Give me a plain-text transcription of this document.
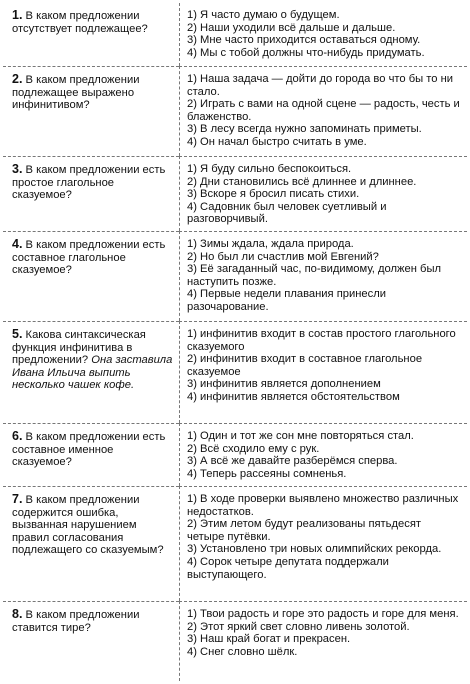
1. В каком предложении отсутствует подлежащее?
1) Я часто думаю о будущем.
2) Наши уходили всё дальше и дальше.
3) Мне часто приходится оставаться одному.
4) Мы с тобой должны что-нибудь придумать.
2. В каком предложении подлежащее выражено инфинитивом?
1) Наша задача — дойти до города во что бы то ни стало.
2) Играть с вами на одной сцене — радость, честь и блаженство.
3) В лесу всегда нужно запоминать приметы.
4) Он начал быстро считать в уме.
3. В каком предложении есть простое глагольное сказуемое?
1) Я буду сильно беспокоиться.
2) Дни становились всё длиннее и длиннее.
3) Вскоре я бросил писать стихи.
4) Садовник был человек суетливый и разговорчивый.
4. В каком предложении есть составное глагольное сказуемое?
1) Зимы ждала, ждала природа.
2) Но был ли счастлив мой Евгений?
3) Её загаданный час, по-видимому, должен был наступить позже.
4) Первые недели плавания принесли разочарование.
5. Какова синтаксическая функция инфинитива в предложении? Она заставила Ивана Ильича выпить несколько чашек кофе.
1) инфинитив входит в состав простого глагольного сказуемого
2) инфинитив входит в составное глагольное сказуемое
3) инфинитив является дополнением
4) инфинитив является обстоятельством
6. В каком предложении есть составное именное сказуемое?
1) Один и тот же сон мне повторяться стал.
2) Всё сходило ему с рук.
3) А всё же давайте разберёмся сперва.
4) Теперь рассеяны сомненья.
7. В каком предложении содержится ошибка, вызванная нарушением правил согласования подлежащего со сказуемым?
1) В ходе проверки выявлено множество различных недостатков.
2) Этим летом будут реализованы пятьдесят четыре путёвки.
3) Установлено три новых олимпийских рекорда.
4) Сорок четыре депутата поддержали выступающего.
8. В каком предложении ставится тире?
1) Твои радость и горе это радость и горе для меня.
2) Этот яркий свет словно ливень золотой.
3) Наш край богат и прекрасен.
4) Снег словно шёлк.
